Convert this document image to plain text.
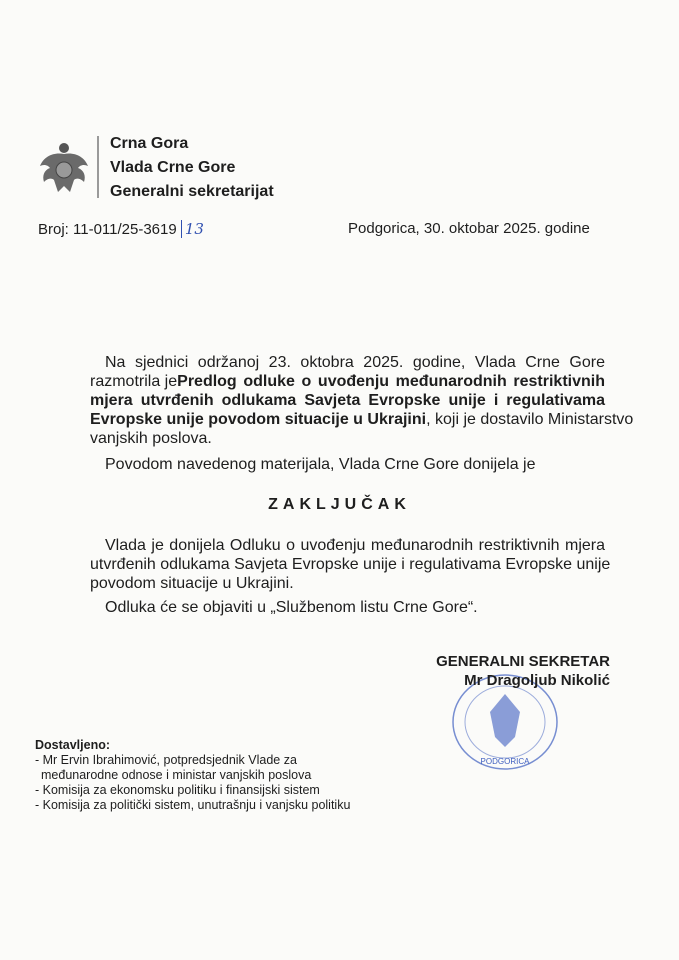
Crna Gora
Vlada Crne Gore
Generalni sekretarijat
Broj: 11-011/25-3619 13	Podgorica, 30. oktobar 2025. godine
Na sjednici održanoj 23. oktobra 2025. godine, Vlada Crne Gore
razmotrila je Predlog odluke o uvođenju međunarodnih restriktivnih
mjera utvrđenih odlukama Savjeta Evropske unije i regulativama
Evropske unije povodom situacije u Ukrajini , koji je dostavilo Ministarstvo
vanjskih poslova.
Povodom navedenog materijala, Vlada Crne Gore donijela je
ZAKLJUČAK
Vlada je donijela Odluku o uvođenju međunarodnih restriktivnih mjera
utvrđenih odlukama Savjeta Evropske unije i regulativama Evropske unije
povodom situacije u Ukrajini.
Odluka će se objaviti u „Službenom listu Crne Gore“.
PODGORICA
GENERALNI SEKRETAR
Mr Dragoljub Nikolić
Dostavljeno:
- Mr Ervin Ibrahimović, potpredsjednik Vlade za
međunarodne odnose i ministar vanjskih poslova
- Komisija za ekonomsku politiku i finansijski sistem
- Komisija za politički sistem, unutrašnju i vanjsku politiku
